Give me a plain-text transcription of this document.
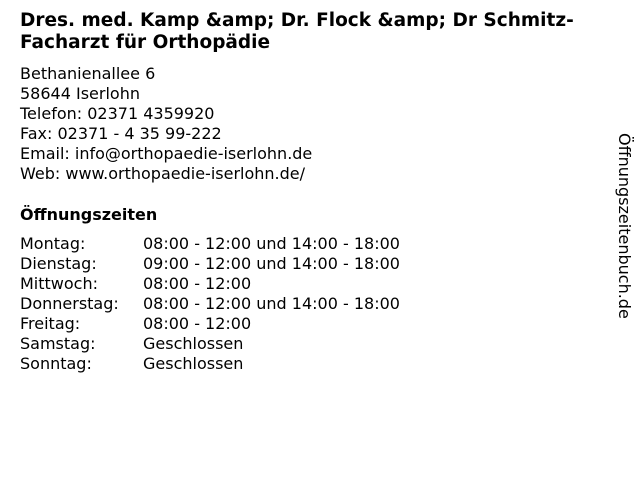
Dres. med. Kamp &amp; Dr. Flock &amp; Dr Schmitz-Facharzt für Orthopädie
Bethanienallee 6
58644 Iserlohn
Telefon: 02371 4359920
Fax: 02371 - 4 35 99-222
Email: info@orthopaedie-iserlohn.de
Web: www.orthopaedie-iserlohn.de/
Öffnungszeiten
Montag:	08:00 - 12:00 und 14:00 - 18:00
Dienstag:	09:00 - 12:00 und 14:00 - 18:00
Mittwoch:	08:00 - 12:00
Donnerstag:	08:00 - 12:00 und 14:00 - 18:00
Freitag:	08:00 - 12:00
Samstag:	Geschlossen
Sonntag:	Geschlossen
Öffnungszeitenbuch.de
